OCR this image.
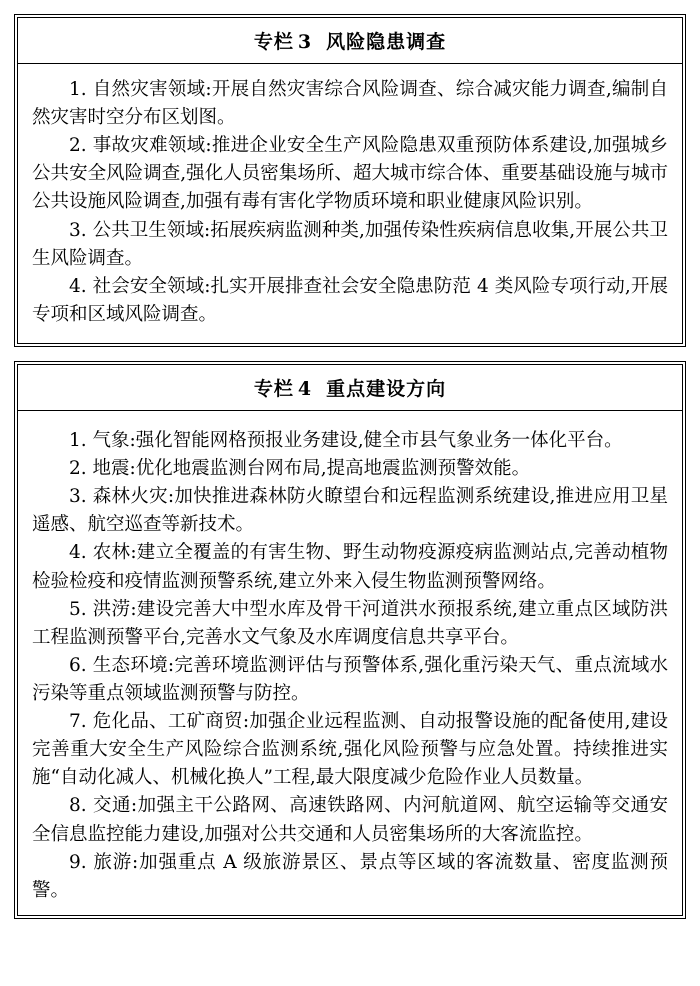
专栏 3 风险隐患调查

1. 自然灾害领域:开展自然灾害综合风险调查、综合减灾能力调查,编制自然灾害时空分布区划图。

2. 事故灾难领域:推进企业安全生产风险隐患双重预防体系建设,加强城乡公共安全风险调查,强化人员密集场所、超大城市综合体、重要基础设施与城市公共设施风险调查,加强有毒有害化学物质环境和职业健康风险识别。

3. 公共卫生领域:拓展疾病监测种类,加强传染性疾病信息收集,开展公共卫生风险调查。

4. 社会安全领域:扎实开展排查社会安全隐患防范 4 类风险专项行动,开展专项和区域风险调查。

专栏 4 重点建设方向

1. 气象:强化智能网格预报业务建设,健全市县气象业务一体化平台。

2. 地震:优化地震监测台网布局,提高地震监测预警效能。

3. 森林火灾:加快推进森林防火瞭望台和远程监测系统建设,推进应用卫星遥感、航空巡查等新技术。

4. 农林:建立全覆盖的有害生物、野生动物疫源疫病监测站点,完善动植物检验检疫和疫情监测预警系统,建立外来入侵生物监测预警网络。

5. 洪涝:建设完善大中型水库及骨干河道洪水预报系统,建立重点区域防洪工程监测预警平台,完善水文气象及水库调度信息共享平台。

6. 生态环境:完善环境监测评估与预警体系,强化重污染天气、重点流域水污染等重点领域监测预警与防控。

7. 危化品、工矿商贸:加强企业远程监测、自动报警设施的配备使用,建设完善重大安全生产风险综合监测系统,强化风险预警与应急处置。持续推进实施“自动化减人、机械化换人”工程,最大限度减少危险作业人员数量。

8. 交通:加强主干公路网、高速铁路网、内河航道网、航空运输等交通安全信息监控能力建设,加强对公共交通和人员密集场所的大客流监控。

9. 旅游:加强重点 A 级旅游景区、景点等区域的客流数量、密度监测预警。
